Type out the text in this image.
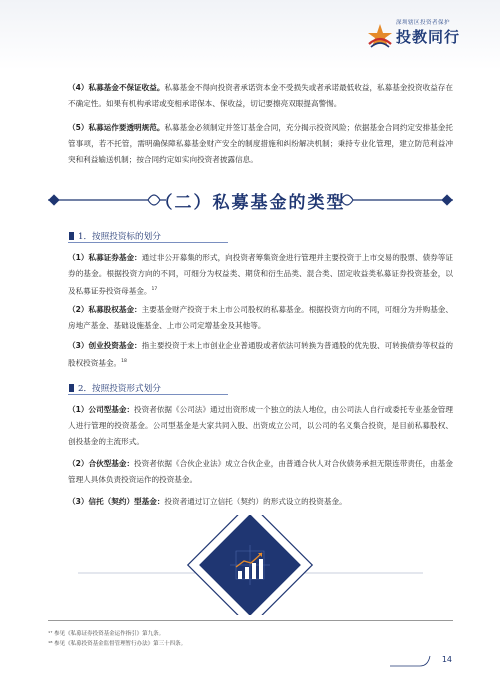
深圳辖区投资者保护
投教同行

（4）私募基金不保证收益。私募基金不得向投资者承诺资本金不受损失或者承诺最低收益，私募基金投资收益存在不确定性。如果有机构承诺或变相承诺保本、保收益，切记要擦亮双眼提高警惕。

（5）私募运作要透明规范。私募基金必须制定并签订基金合同，充分揭示投资风险；依据基金合同约定安排基金托管事项，若不托管，需明确保障私募基金财产安全的制度措施和纠纷解决机制；秉持专业化管理，建立防范利益冲突和利益输送机制；按合同约定如实向投资者披露信息。

（二）私募基金的类型
1．按照投资标的划分

（1）私募证券基金：通过非公开募集的形式，向投资者筹集资金进行管理并主要投资于上市交易的股票、债券等证券的基金。根据投资方向的不同，可细分为权益类、期货和衍生品类、混合类、固定收益类私募证券投资基金，以及私募证券投资母基金。$^{17}$

（2）私募股权基金：主要基金财产投资于未上市公司股权的私募基金。根据投资方向的不同，可细分为并购基金、房地产基金、基础设施基金、上市公司定增基金及其他等。

（3）创业投资基金：指主要投资于未上市创业企业普通股或者依法可转换为普通股的优先股、可转换债券等权益的股权投资基金。$^{18}$

2．按照投资形式划分

（1）公司型基金：投资者依据《公司法》通过出资形成一个独立的法人地位，由公司法人自行或委托专业基金管理人进行管理的投资基金。公司型基金是大家共同入股、出资成立公司，以公司的名义集合投资，是目前私募股权、创投基金的主流形式。

（2）合伙型基金：投资者依据《合伙企业法》成立合伙企业，由普通合伙人对合伙债务承担无限连带责任，由基金管理人具体负责投资运作的投资基金。

（3）信托（契约）型基金：投资者通过订立信托（契约）的形式设立的投资基金。

¹⁷ 参见《私募证券投资基金运作指引》第九条。
¹⁸ 参见《私募投资基金监督管理暂行办法》第三十四条。
14
